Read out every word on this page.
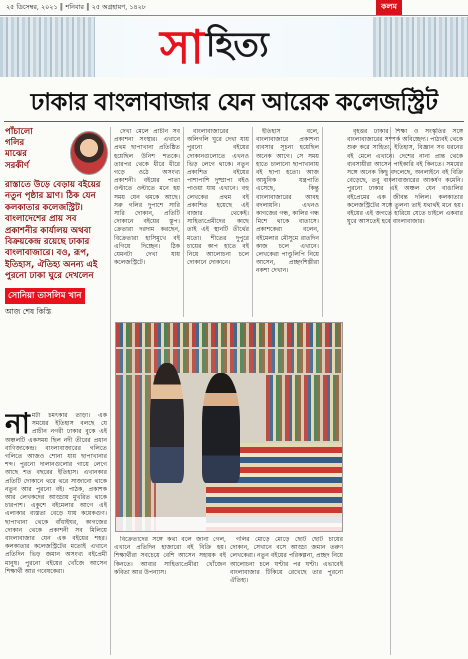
২৫ ডিসেম্বর, ২০২১ ║ শনিবার ║ ২৫ অগ্রহায়ণ, ১৪২৮	কলম
সা হিত্য
ঢাকার বাংলাবাজার যেন আরেক কলেজস্ট্রিট
পাঁচালো
গলির
মাঝের
সরকীর্ণ
রাস্তাতে উড়ে বেড়ায় বইয়ের নতুন পৃষ্ঠার ঘ্রাণ। ঠিক যেন কলকাতার কলেজস্ট্রিট। বাংলাদেশের প্রায় সব প্রকাশনীর কার্যালয় অথবা বিক্রয়কেন্দ্র রয়েছে ঢাকার বাংলাবাজারে। বও, রূপ, ইতিহাস, ঐতিহ্য অনন্য এই পুরনো ঢাকা ঘুরে দেখলেন
সোনিয়া তাসলিম খান
আজ শেষ কিস্তি
না মটা চমৎকার তাড়া। এক সময়ের ইতিহাস বলছে যে প্রাচীন নগরী ঢাকার বুকে এই অঞ্চলটি একসময় ছিল নদী তীরের প্রধান বাণিজ্যকেন্দ্র। বাংলাবাজারের গলিতে গলিতে আজও শোনা যায় ছাপাখানার শব্দ। পুরনো দালানগুলোর গায়ে লেগে আছে শত বছরের ইতিহাস। এখানকার প্রতিটি দোকানে থরে থরে সাজানো থাকে নতুন আর পুরনো বই। পাঠক, প্রকাশক আর লেখকদের আড্ডায় মুখরিত থাকে চারপাশ। একুশে বইমেলার আগে এই এলাকার ব্যস্ততা বেড়ে যায় কয়েকগুণ। ছাপাখানা থেকে বাঁধাইঘর, কাগজের দোকান থেকে প্রকাশনী সব মিলিয়ে বাংলাবাজার যেন এক বইয়ের শহর। কলকাতার কলেজস্ট্রিটের মতোই এখানে প্রতিদিন ভিড় জমান অসংখ্য বইপ্রেমী মানুষ। পুরনো বইয়ের খোঁজে আসেন শিক্ষার্থী আর গবেষকেরা।

দেখা মেলে প্রাচীন সব প্রকাশনা সংস্থার। এখানে প্রথম ছাপাখানা প্রতিষ্ঠিত হয়েছিল উনিশ শতকে। তারপর থেকে ধীরে ধীরে গড়ে ওঠে অসংখ্য প্রকাশনী। বইয়ের পাতা ওল্টাতে ওল্টাতে মনে হয় সময় যেন থমকে আছে। সরু গলির দুপাশে সারি সারি দোকান, প্রতিটি দোকানে বইয়ের স্তূপ। ক্রেতারা দরদাম করছেন, বিক্রেতারা হাসিমুখে বই এগিয়ে দিচ্ছেন। ঠিক যেমনটা দেখা যায় কলেজস্ট্রিটে।

বাংলাবাজারের অলিগলি ঘুরে দেখা যায় পুরনো বইয়ের দোকানগুলোতে এখনও ভিড় লেগে থাকে। নতুন প্রকাশিত বইয়ের পাশাপাশি দুষ্প্রাপ্য বইও পাওয়া যায় এখানে। বহু লেখকের প্রথম বই প্রকাশিত হয়েছে এই বাজার থেকেই। সাহিত্যপ্রেমীদের কাছে তাই এই স্থানটি তীর্থের মতো। শীতের দুপুরে চায়ের কাপ হাতে বই নিয়ে আলোচনা চলে দোকানে দোকানে।

ইতিহাস বলে, বাংলাবাজারে প্রকাশনা ব্যবসার সূচনা হয়েছিল অনেক আগে। সে সময় হাতে চালানো ছাপাখানায় বই ছাপা হতো। আজ আধুনিক যন্ত্রপাতি এসেছে, কিন্তু বাংলাবাজারের আবহ বদলায়নি। এখনও কাগজের গন্ধ, কালির গন্ধ মিশে থাকে বাতাসে। প্রকাশকেরা বলেন, বইমেলার মৌসুমে রাতদিন কাজ চলে এখানে। লেখকেরা পাণ্ডুলিপি নিয়ে আসেন, প্রচ্ছদশিল্পীরা নকশা দেখান।

বিক্রেতাদের সঙ্গে কথা বলে জানা গেল, এখানে প্রতিদিন হাজারো বই বিক্রি হয়। শিক্ষার্থীরা সবচেয়ে বেশি আসেন সহায়ক বই কিনতে। আবার সাহিত্যপ্রেমীরা খোঁজেন কবিতা আর উপন্যাস।

গলির মোড়ে মোড়ে ছোট ছোট চায়ের দোকান, সেখানে বসে আড্ডা জমান তরুণ লেখকেরা। নতুন বইয়ের পরিকল্পনা, প্রচ্ছদ নিয়ে আলোচনা চলে ঘণ্টার পর ঘণ্টা। এভাবেই বাংলাবাজার টিকিয়ে রেখেছে তার পুরনো ঐতিহ্য।

বৃহত্তর ঢাকার শিক্ষা ও সংস্কৃতির সঙ্গে বাংলাবাজারের সম্পর্ক অবিচ্ছেদ্য। পাঠ্যবই থেকে শুরু করে সাহিত্য, ইতিহাস, বিজ্ঞান সব ধরনের বই মেলে এখানে। দেশের নানা প্রান্ত থেকে ব্যবসায়ীরা আসেন পাইকারি বই কিনতে। সময়ের সঙ্গে অনেক কিছু বদলেছে, অনলাইনে বই বিক্রি বেড়েছে, তবু বাংলাবাজারের আকর্ষণ কমেনি। পুরনো ঢাকার এই অঞ্চল যেন বাঙালির বইপ্রেমের এক জীবন্ত দলিল। কলকাতার কলেজস্ট্রিটের সঙ্গে তুলনা তাই যথার্থই মনে হয়। বইয়ের এই জগতে হারিয়ে যেতে চাইলে একবার ঘুরে আসতেই হবে বাংলাবাজার।
